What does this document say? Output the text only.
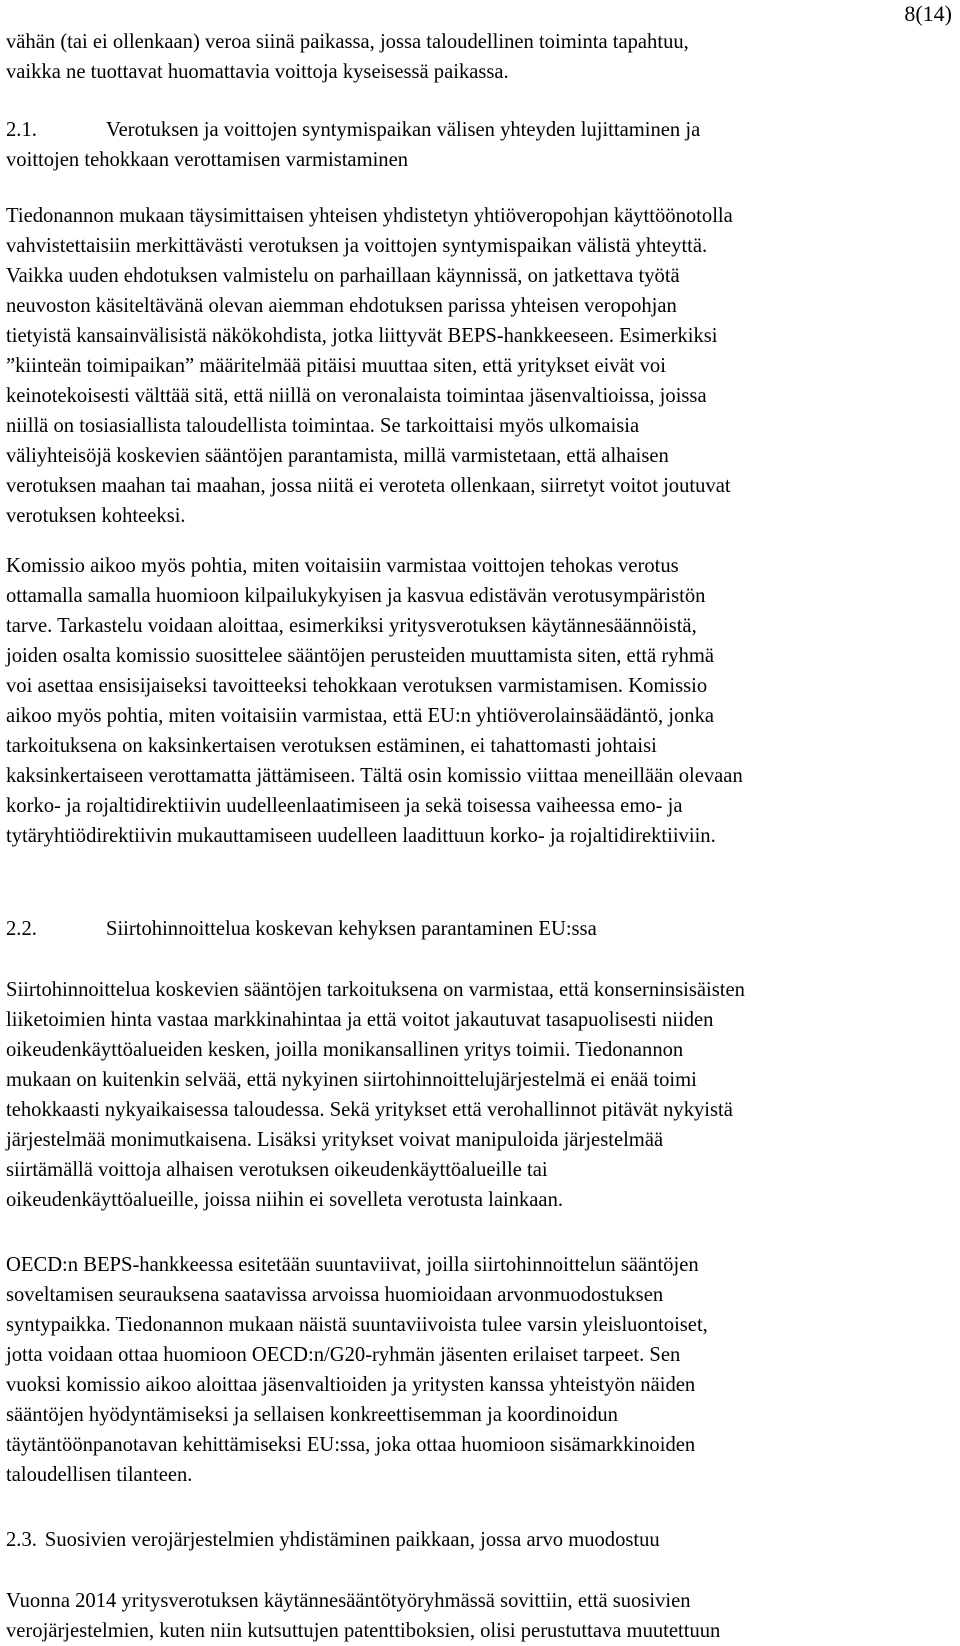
8(14)
vähän (tai ei ollenkaan) veroa siinä paikassa, jossa taloudellinen toiminta tapahtuu,
vaikka ne tuottavat huomattavia voittoja kyseisessä paikassa.
2.1.	Verotuksen ja voittojen syntymispaikan välisen yhteyden lujittaminen ja
voittojen tehokkaan verottamisen varmistaminen
Tiedonannon mukaan täysimittaisen yhteisen yhdistetyn yhtiöveropohjan käyttöönotolla
vahvistettaisiin merkittävästi verotuksen ja voittojen syntymispaikan välistä yhteyttä.
Vaikka uuden ehdotuksen valmistelu on parhaillaan käynnissä, on jatkettava työtä
neuvoston käsiteltävänä olevan aiemman ehdotuksen parissa yhteisen veropohjan
tietyistä kansainvälisistä näkökohdista, jotka liittyvät BEPS-hankkeeseen. Esimerkiksi
”kiinteän toimipaikan” määritelmää pitäisi muuttaa siten, että yritykset eivät voi
keinotekoisesti välttää sitä, että niillä on veronalaista toimintaa jäsenvaltioissa, joissa
niillä on tosiasiallista taloudellista toimintaa. Se tarkoittaisi myös ulkomaisia
väliyhteisöjä koskevien sääntöjen parantamista, millä varmistetaan, että alhaisen
verotuksen maahan tai maahan, jossa niitä ei veroteta ollenkaan, siirretyt voitot joutuvat
verotuksen kohteeksi.
Komissio aikoo myös pohtia, miten voitaisiin varmistaa voittojen tehokas verotus
ottamalla samalla huomioon kilpailukykyisen ja kasvua edistävän verotusympäristön
tarve. Tarkastelu voidaan aloittaa, esimerkiksi yritysverotuksen käytännesäännöistä,
joiden osalta komissio suosittelee sääntöjen perusteiden muuttamista siten, että ryhmä
voi asettaa ensisijaiseksi tavoitteeksi tehokkaan verotuksen varmistamisen. Komissio
aikoo myös pohtia, miten voitaisiin varmistaa, että EU:n yhtiöverolainsäädäntö, jonka
tarkoituksena on kaksinkertaisen verotuksen estäminen, ei tahattomasti johtaisi
kaksinkertaiseen verottamatta jättämiseen. Tältä osin komissio viittaa meneillään olevaan
korko- ja rojaltidirektiivin uudelleenlaatimiseen ja sekä toisessa vaiheessa emo- ja
tytäryhtiödirektiivin mukauttamiseen uudelleen laadittuun korko- ja rojaltidirektiiviin.
2.2.	Siirtohinnoittelua koskevan kehyksen parantaminen EU:ssa
Siirtohinnoittelua koskevien sääntöjen tarkoituksena on varmistaa, että konserninsisäisten
liiketoimien hinta vastaa markkinahintaa ja että voitot jakautuvat tasapuolisesti niiden
oikeudenkäyttöalueiden kesken, joilla monikansallinen yritys toimii. Tiedonannon
mukaan on kuitenkin selvää, että nykyinen siirtohinnoittelujärjestelmä ei enää toimi
tehokkaasti nykyaikaisessa taloudessa. Sekä yritykset että verohallinnot pitävät nykyistä
järjestelmää monimutkaisena. Lisäksi yritykset voivat manipuloida järjestelmää
siirtämällä voittoja alhaisen verotuksen oikeudenkäyttöalueille tai
oikeudenkäyttöalueille, joissa niihin ei sovelleta verotusta lainkaan.
OECD:n BEPS-hankkeessa esitetään suuntaviivat, joilla siirtohinnoittelun sääntöjen
soveltamisen seurauksena saatavissa arvoissa huomioidaan arvonmuodostuksen
syntypaikka. Tiedonannon mukaan näistä suuntaviivoista tulee varsin yleisluontoiset,
jotta voidaan ottaa huomioon OECD:n/G20-ryhmän jäsenten erilaiset tarpeet. Sen
vuoksi komissio aikoo aloittaa jäsenvaltioiden ja yritysten kanssa yhteistyön näiden
sääntöjen hyödyntämiseksi ja sellaisen konkreettisemman ja koordinoidun
täytäntöönpanotavan kehittämiseksi EU:ssa, joka ottaa huomioon sisämarkkinoiden
taloudellisen tilanteen.
2.3. Suosivien verojärjestelmien yhdistäminen paikkaan, jossa arvo muodostuu
Vuonna 2014 yritysverotuksen käytännesääntötyöryhmässä sovittiin, että suosivien
verojärjestelmien, kuten niin kutsuttujen patenttiboksien, olisi perustuttava muutettuun
